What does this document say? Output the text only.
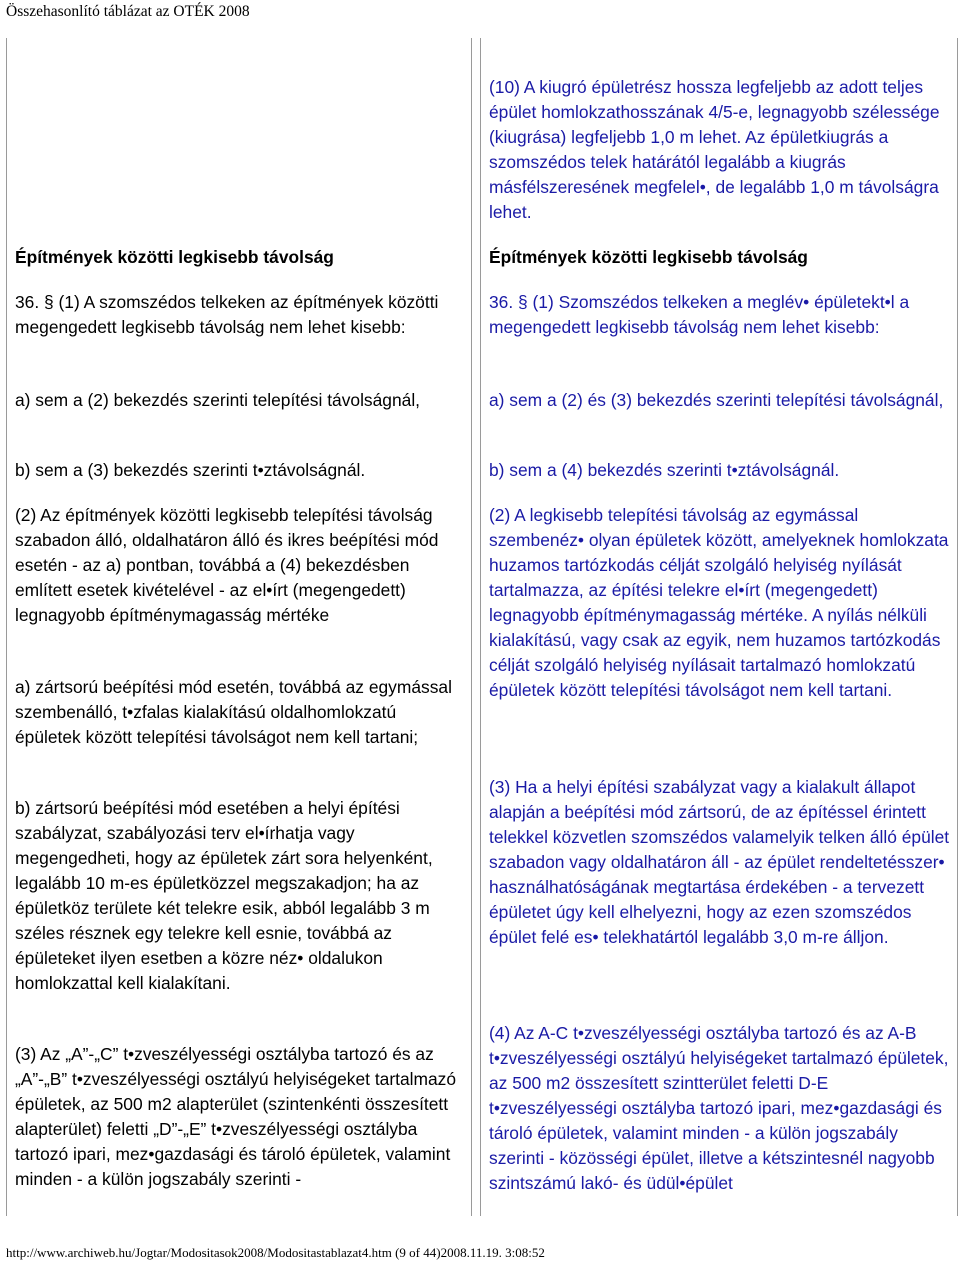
Összehasonlító táblázat az OTÉK 2008

Építmények közötti legkisebb távolság

36. § (1) A szomszédos telkeken az építmények közötti megengedett legkisebb távolság nem lehet kisebb:

a) sem a (2) bekezdés szerinti telepítési távolságnál,

b) sem a (3) bekezdés szerinti t•ztávolságnál.

(2) Az építmények közötti legkisebb telepítési távolság szabadon álló, oldalhatáron álló és ikres beépítési mód esetén - az a) pontban, továbbá a (4) bekezdésben említett esetek kivételével - az el•írt (megengedett) legnagyobb építménymagasság mértéke

a) zártsorú beépítési mód esetén, továbbá az egymással szembenálló, t•zfalas kialakítású oldalhomlokzatú épületek között telepítési távolságot nem kell tartani;

b) zártsorú beépítési mód esetében a helyi építési szabályzat, szabályozási terv el•írhatja vagy megengedheti, hogy az épületek zárt sora helyenként, legalább 10 m-es épületközzel megszakadjon; ha az épületköz területe két telekre esik, abból legalább 3 m széles résznek egy telekre kell esnie, továbbá az épületeket ilyen esetben a közre néz• oldalukon homlokzattal kell kialakítani.

(3) Az „A”-„C” t•zveszélyességi osztályba tartozó és az „A”-„B” t•zveszélyességi osztályú helyiségeket tartalmazó épületek, az 500 m2 alapterület (szintenkénti összesített alapterület) feletti „D”-„E” t•zveszélyességi osztályba tartozó ipari, mez•gazdasági és tároló épületek, valamint minden - a külön jogszabály szerinti -

(10) A kiugró épületrész hossza legfeljebb az adott teljes épület homlokzathosszának 4/5-e, legnagyobb szélessége (kiugrása) legfeljebb 1,0 m lehet. Az épületkiugrás a szomszédos telek határától legalább a kiugrás másfélszeresének megfelel•, de legalább 1,0 m távolságra lehet.

Építmények közötti legkisebb távolság

36. § (1) Szomszédos telkeken a meglév• épületekt•l a megengedett legkisebb távolság nem lehet kisebb:

a) sem a (2) és (3) bekezdés szerinti telepítési távolságnál,

b) sem a (4) bekezdés szerinti t•ztávolságnál.

(2) A legkisebb telepítési távolság az egymással szembenéz• olyan épületek között, amelyeknek homlokzata huzamos tartózkodás célját szolgáló helyiség nyílását tartalmazza, az építési telekre el•írt (megengedett) legnagyobb építménymagasság mértéke. A nyílás nélküli kialakítású, vagy csak az egyik, nem huzamos tartózkodás célját szolgáló helyiség nyílásait tartalmazó homlokzatú épületek között telepítési távolságot nem kell tartani.

(3) Ha a helyi építési szabályzat vagy a kialakult állapot alapján a beépítési mód zártsorú, de az építéssel érintett telekkel közvetlen szomszédos valamelyik telken álló épület szabadon vagy oldalhatáron áll - az épület rendeltetésszer• használhatóságának megtartása érdekében - a tervezett épületet úgy kell elhelyezni, hogy az ezen szomszédos épület felé es• telekhatártól legalább 3,0 m-re álljon.

(4) Az A-C t•zveszélyességi osztályba tartozó és az A-B t•zveszélyességi osztályú helyiségeket tartalmazó épületek, az 500 m2 összesített szintterület feletti D-E t•zveszélyességi osztályba tartozó ipari, mez•gazdasági és tároló épületek, valamint minden - a külön jogszabály szerinti - közösségi épület, illetve a kétszintesnél nagyobb szintszámú lakó- és üdül•épület

http://www.archiweb.hu/Jogtar/Modositasok2008/Modositastablazat4.htm (9 of 44)2008.11.19. 3:08:52
